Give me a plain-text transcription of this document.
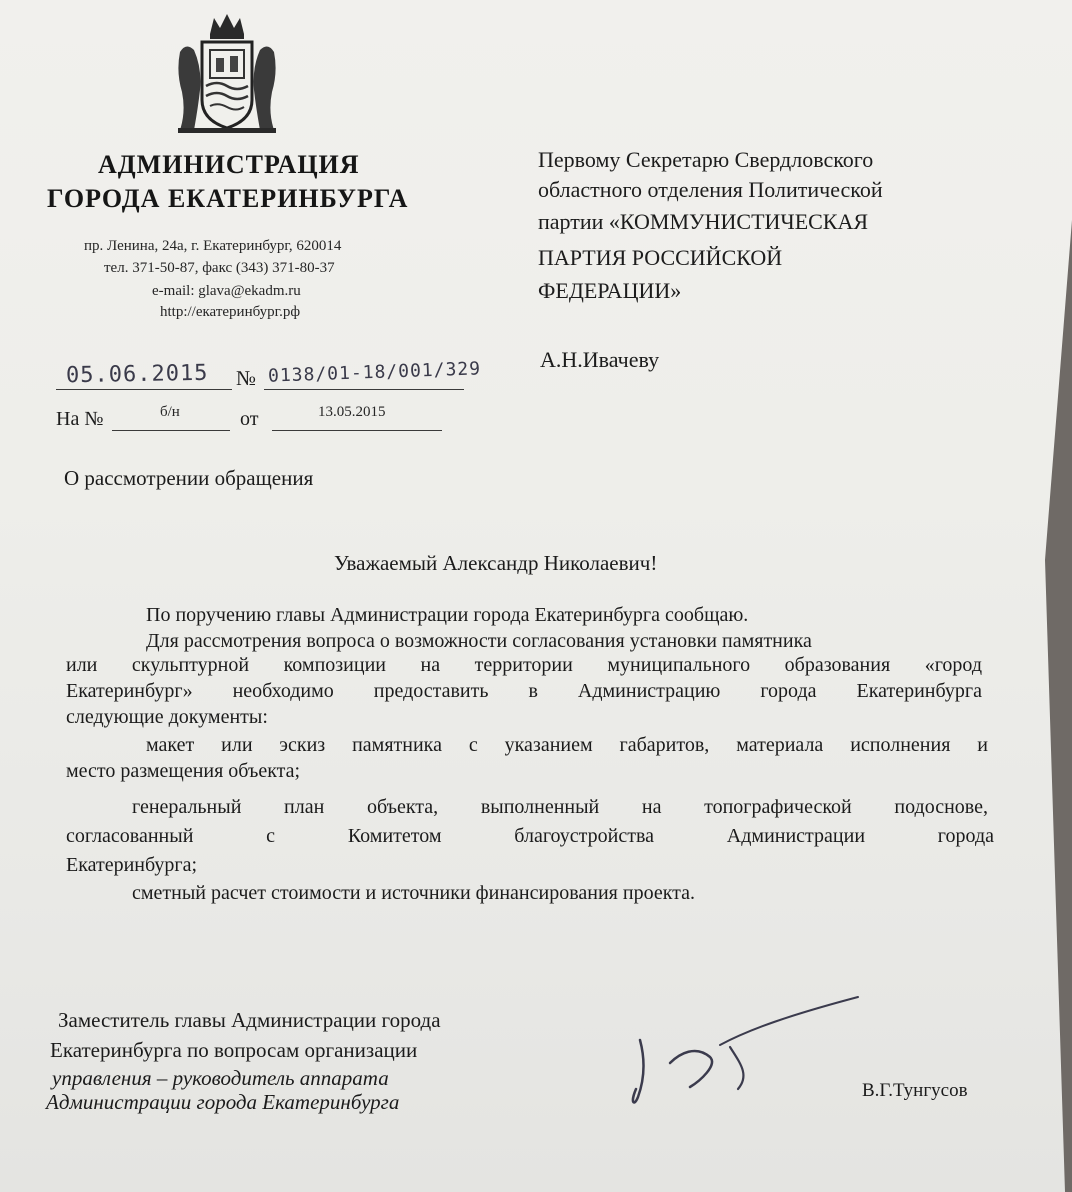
АДМИНИСТРАЦИЯ
ГОРОДА ЕКАТЕРИНБУРГА
пр. Ленина, 24а, г. Екатеринбург, 620014
тел. 371-50-87, факс (343) 371-80-37
e-mail: glava@ekadm.ru
http://екатеринбург.рф
Первому Секретарю Свердловского
областного отделения Политической
партии «КОММУНИСТИЧЕСКАЯ
ПАРТИЯ РОССИЙСКОЙ
ФЕДЕРАЦИИ»
А.Н.Ивачеву
05.06.2015 № 0138/01-18/001/329
На №	б/н	от	13.05.2015
О рассмотрении обращения
Уважаемый Александр Николаевич!
По поручению главы Администрации города Екатеринбурга сообщаю.
Для рассмотрения вопроса о возможности согласования установки памятника
или скульптурной композиции на территории муниципального образования «город
Екатеринбург» необходимо предоставить в Администрацию города Екатеринбурга
следующие документы:
макет или эскиз памятника с указанием габаритов, материала исполнения и
место размещения объекта;
генеральный план объекта, выполненный на топографической подоснове,
согласованный с Комитетом благоустройства Администрации города
Екатеринбурга;
сметный расчет стоимости и источники финансирования проекта.
Заместитель главы Администрации города
Екатеринбурга по вопросам организации
управления – руководитель аппарата
Администрации города Екатеринбурга	В.Г.Тунгусов
